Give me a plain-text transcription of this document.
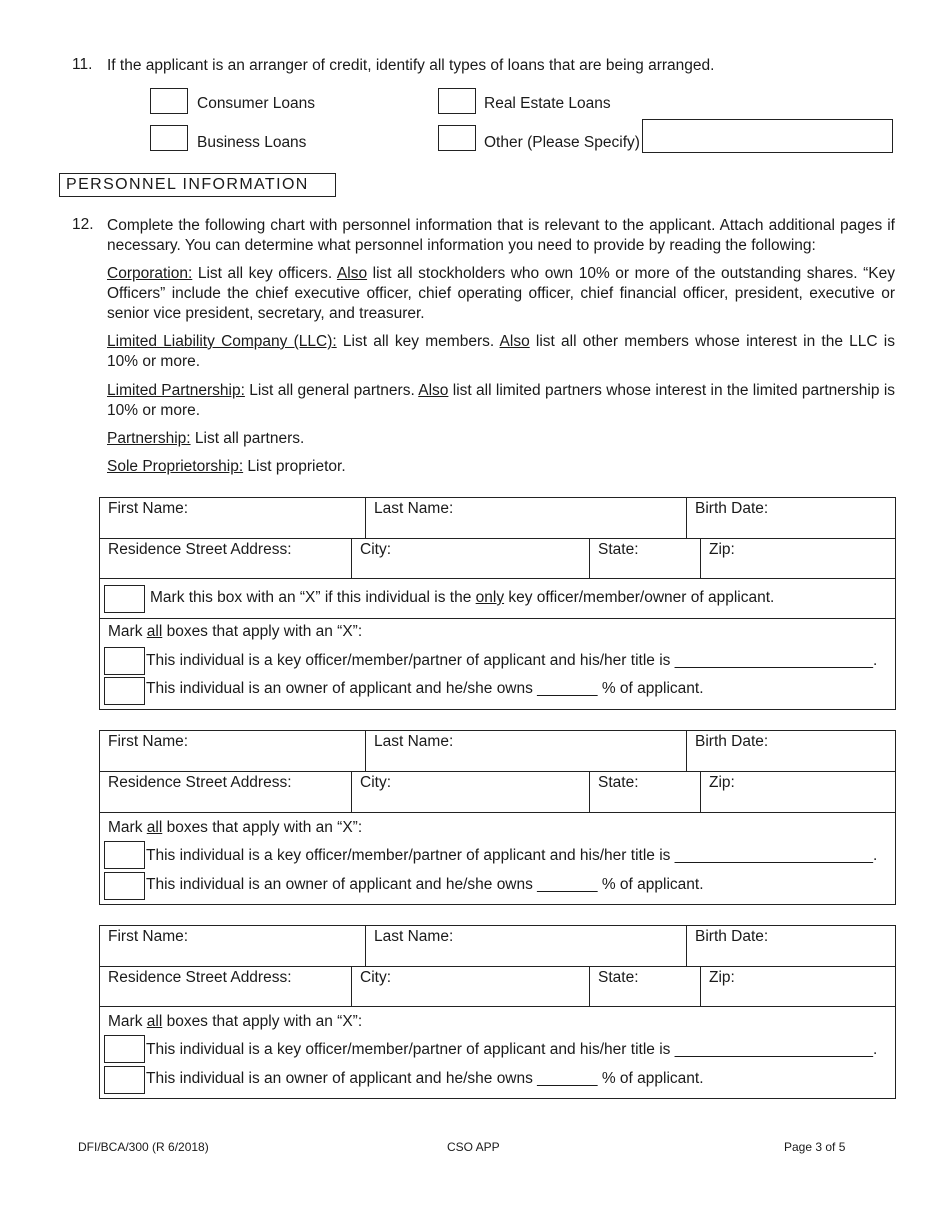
11. If the applicant is an arranger of credit, identify all types of loans that are being arranged.
Consumer Loans	Real Estate Loans
Business Loans	Other (Please Specify)
PERSONNEL INFORMATION
12. Complete the following chart with personnel information that is relevant to the applicant. Attach additional pages if necessary. You can determine what personnel information you need to provide by reading the following:
Corporation: List all key officers. Also list all stockholders who own 10% or more of the outstanding shares. “Key Officers” include the chief executive officer, chief operating officer, chief financial officer, president, executive or senior vice president, secretary, and treasurer.
Limited Liability Company (LLC): List all key members. Also list all other members whose interest in the LLC is 10% or more.
Limited Partnership: List all general partners. Also list all limited partners whose interest in the limited partnership is 10% or more.
Partnership: List all partners.
Sole Proprietorship: List proprietor.
First Name:	Last Name:	Birth Date:
Residence Street Address:	City:	State:	Zip:
Mark this box with an “X” if this individual is the only key officer/member/owner of applicant.
Mark all boxes that apply with an “X”:
This individual is a key officer/member/partner of applicant and his/her title is _______________________.
This individual is an owner of applicant and he/she owns _______ % of applicant.
First Name:	Last Name:	Birth Date:
Residence Street Address:	City:	State:	Zip:
Mark all boxes that apply with an “X”:
This individual is a key officer/member/partner of applicant and his/her title is _______________________.
This individual is an owner of applicant and he/she owns _______ % of applicant.
First Name:	Last Name:	Birth Date:
Residence Street Address:	City:	State:	Zip:
Mark all boxes that apply with an “X”:
This individual is a key officer/member/partner of applicant and his/her title is _______________________.
This individual is an owner of applicant and he/she owns _______ % of applicant.
DFI/BCA/300 (R 6/2018)	CSO APP	Page 3 of 5
